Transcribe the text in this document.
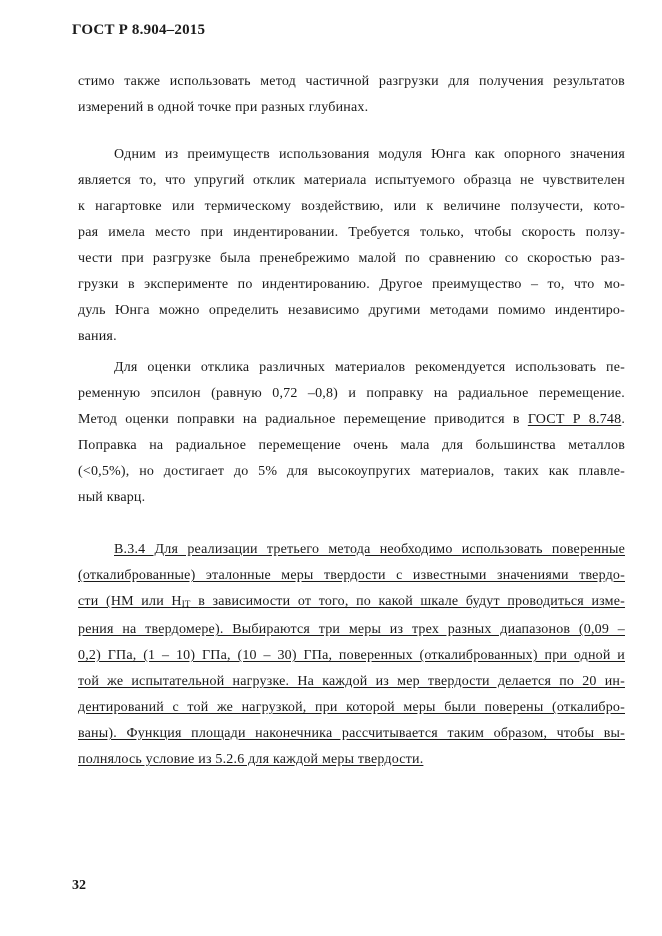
ГОСТ Р 8.904–2015
стимо также использовать метод частичной разгрузки для получения результатов
измерений в одной точке при разных глубинах.
Одним из преимуществ использования модуля Юнга как опорного значения
является то, что упругий отклик материала испытуемого образца не чувствителен
к нагартовке или термическому воздействию, или к величине ползучести, кото-
рая имела место при индентировании. Требуется только, чтобы скорость ползу-
чести при разгрузке была пренебрежимо малой по сравнению со скоростью раз-
грузки в эксперименте по индентированию. Другое преимущество – то, что мо-
дуль Юнга можно определить независимо другими методами помимо индентиро-
вания.
Для оценки отклика различных материалов рекомендуется использовать пе-
ременную эпсилон (равную 0,72 –0,8) и поправку на радиальное перемещение.
Метод оценки поправки на радиальное перемещение приводится в ГОСТ Р 8.748.
Поправка на радиальное перемещение очень мала для большинства металлов
(<0,5%), но достигает до 5% для высокоупругих материалов, таких как плавле-
ный кварц.
В.3.4 Для реализации третьего метода необходимо использовать поверенные
(откалиброванные) эталонные меры твердости с известными значениями твердо-
сти (HM или $H_{IT}$ в зависимости от того, по какой шкале будут проводиться изме-
рения на твердомере). Выбираются три меры из трех разных диапазонов (0,09 –
0,2) ГПа, (1 – 10) ГПа, (10 – 30) ГПа, поверенных (откалиброванных) при одной и
той же испытательной нагрузке. На каждой из мер твердости делается по 20 ин-
дентирований с той же нагрузкой, при которой меры были поверены (откалибро-
ваны). Функция площади наконечника рассчитывается таким образом, чтобы вы-
полнялось условие из 5.2.6 для каждой меры твердости.
32
